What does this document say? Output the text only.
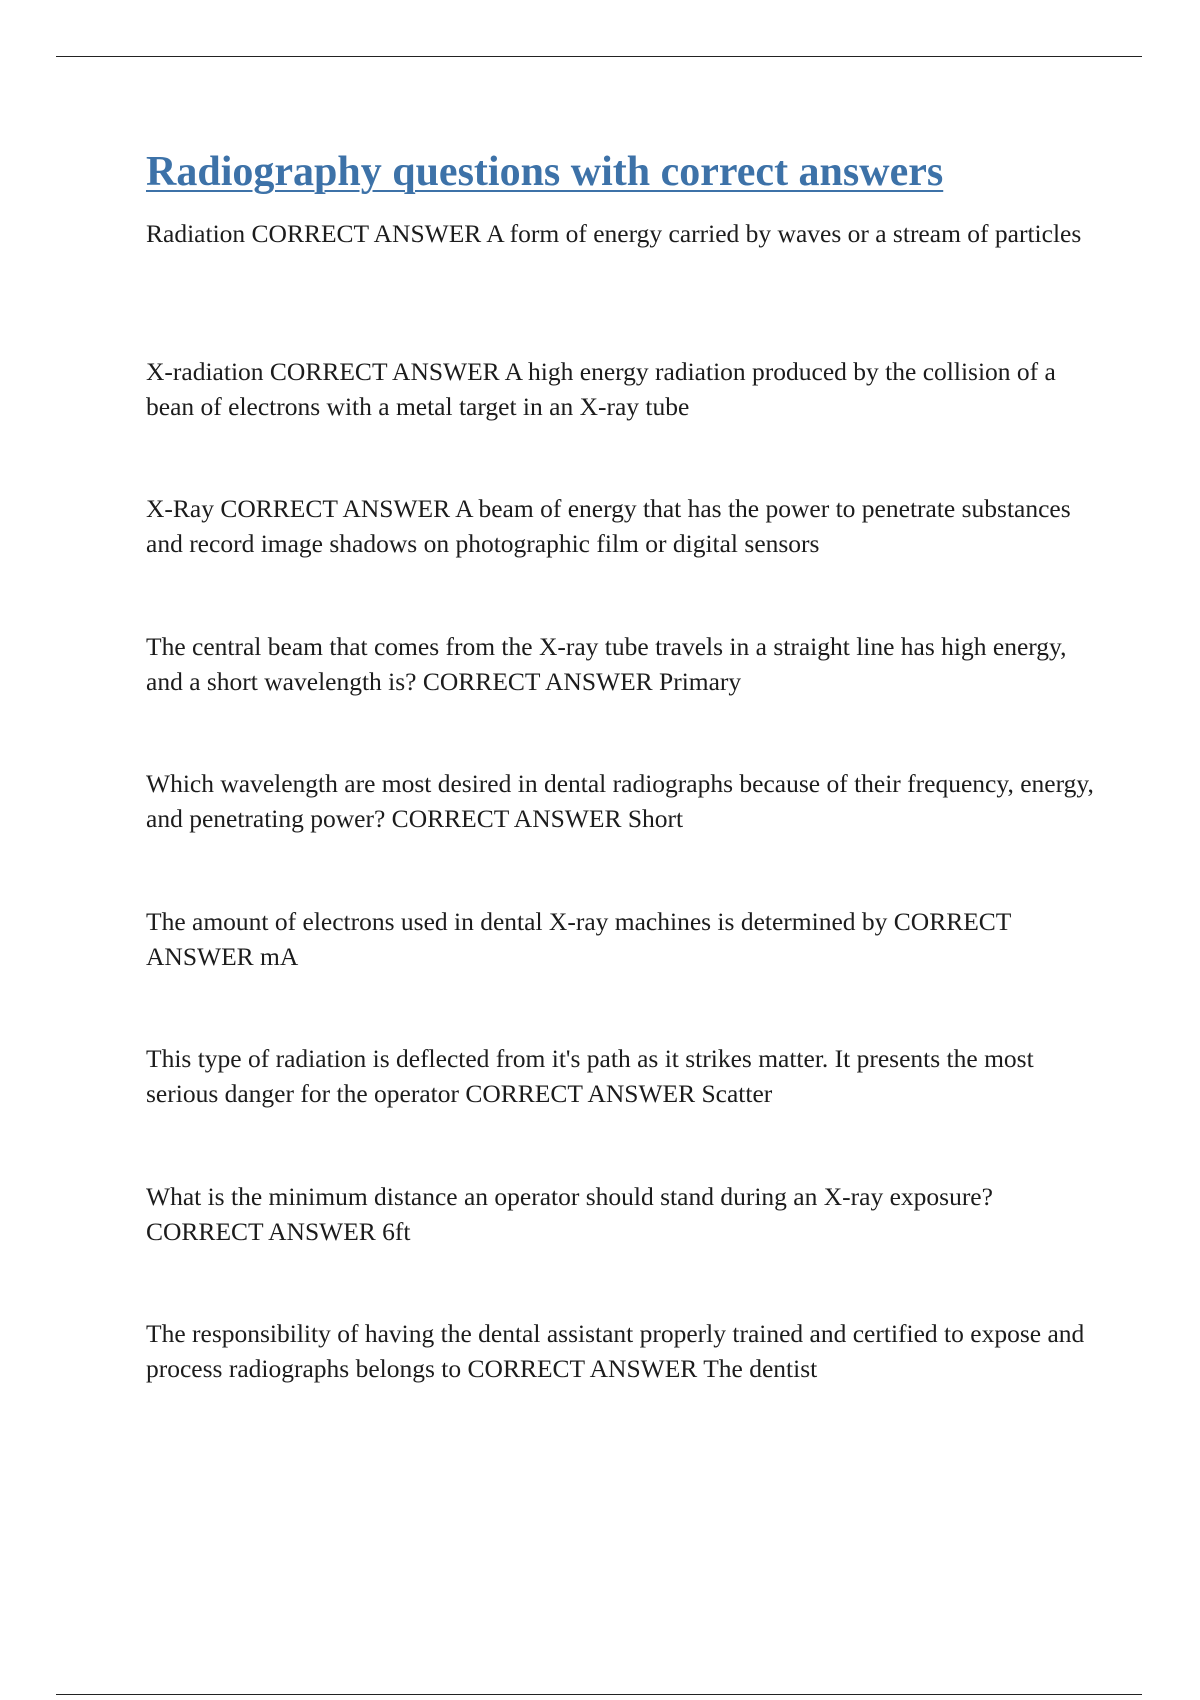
Radiography questions with correct answers

Radiation CORRECT ANSWER A form of energy carried by waves or a stream of particles

X-radiation CORRECT ANSWER A high energy radiation produced by the collision of a bean of electrons with a metal target in an X-ray tube

X-Ray CORRECT ANSWER A beam of energy that has the power to penetrate substances and record image shadows on photographic film or digital sensors

The central beam that comes from the X-ray tube travels in a straight line has high energy, and a short wavelength is? CORRECT ANSWER Primary

Which wavelength are most desired in dental radiographs because of their frequency, energy, and penetrating power? CORRECT ANSWER Short

The amount of electrons used in dental X-ray machines is determined by CORRECT ANSWER mA

This type of radiation is deflected from it's path as it strikes matter. It presents the most serious danger for the operator CORRECT ANSWER Scatter

What is the minimum distance an operator should stand during an X-ray exposure? CORRECT ANSWER 6ft

The responsibility of having the dental assistant properly trained and certified to expose and process radiographs belongs to CORRECT ANSWER The dentist
